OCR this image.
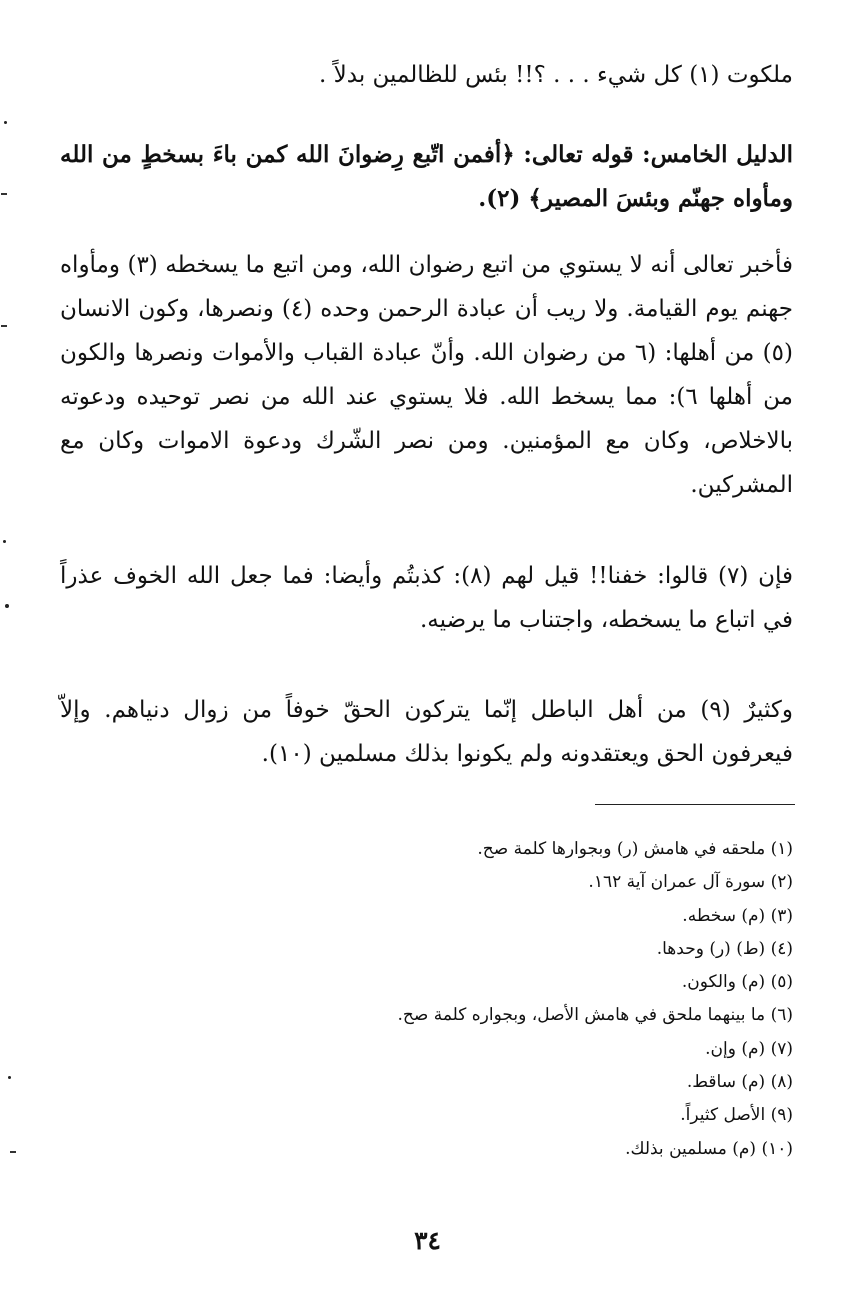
ملكوت (١) كل شيء . . . ؟!! بئس للظالمين بدلاً .

الدليل الخامس: قوله تعالى: ﴿أفمن اتّبع رِضوانَ الله كمن باءَ بسخطٍ من الله ومأواه جهنّم وبئسَ المصير﴾ (٢).

فأخبر تعالى أنه لا يستوي من اتبع رضوان الله، ومن اتبع ما يسخطه (٣) ومأواه جهنم يوم القيامة. ولا ريب أن عبادة الرحمن وحده (٤) ونصرها، وكون الانسان (٥) من أهلها: (٦ من رضوان الله. وأنّ عبادة القباب والأموات ونصرها والكون من أهلها ٦): مما يسخط الله. فلا يستوي عند الله من نصر توحيده ودعوته بالاخلاص، وكان مع المؤمنين. ومن نصر الشّرك ودعوة الاموات وكان مع المشركين.

فإن (٧) قالوا: خفنا!! قيل لهم (٨): كذبتُم وأيضا: فما جعل الله الخوف عذراً في اتباع ما يسخطه، واجتناب ما يرضيه.

وكثيرٌ (٩) من أهل الباطل إنّما يتركون الحقّ خوفاً من زوال دنياهم. وإلاّ فيعرفون الحق ويعتقدونه ولم يكونوا بذلك مسلمين (١٠).

(١) ملحقه في هامش (ر) وبجوارها كلمة صح.
(٢) سورة آل عمران آية ١٦٢.
(٣) (م) سخطه.
(٤) (ط) (ر) وحدها.
(٥) (م) والكون.
(٦) ما بينهما ملحق في هامش الأصل، وبجواره كلمة صح.
(٧) (م) وإن.
(٨) (م) ساقط.
(٩) الأصل كثيراً.
(١٠) (م) مسلمين بذلك.
٣٤
